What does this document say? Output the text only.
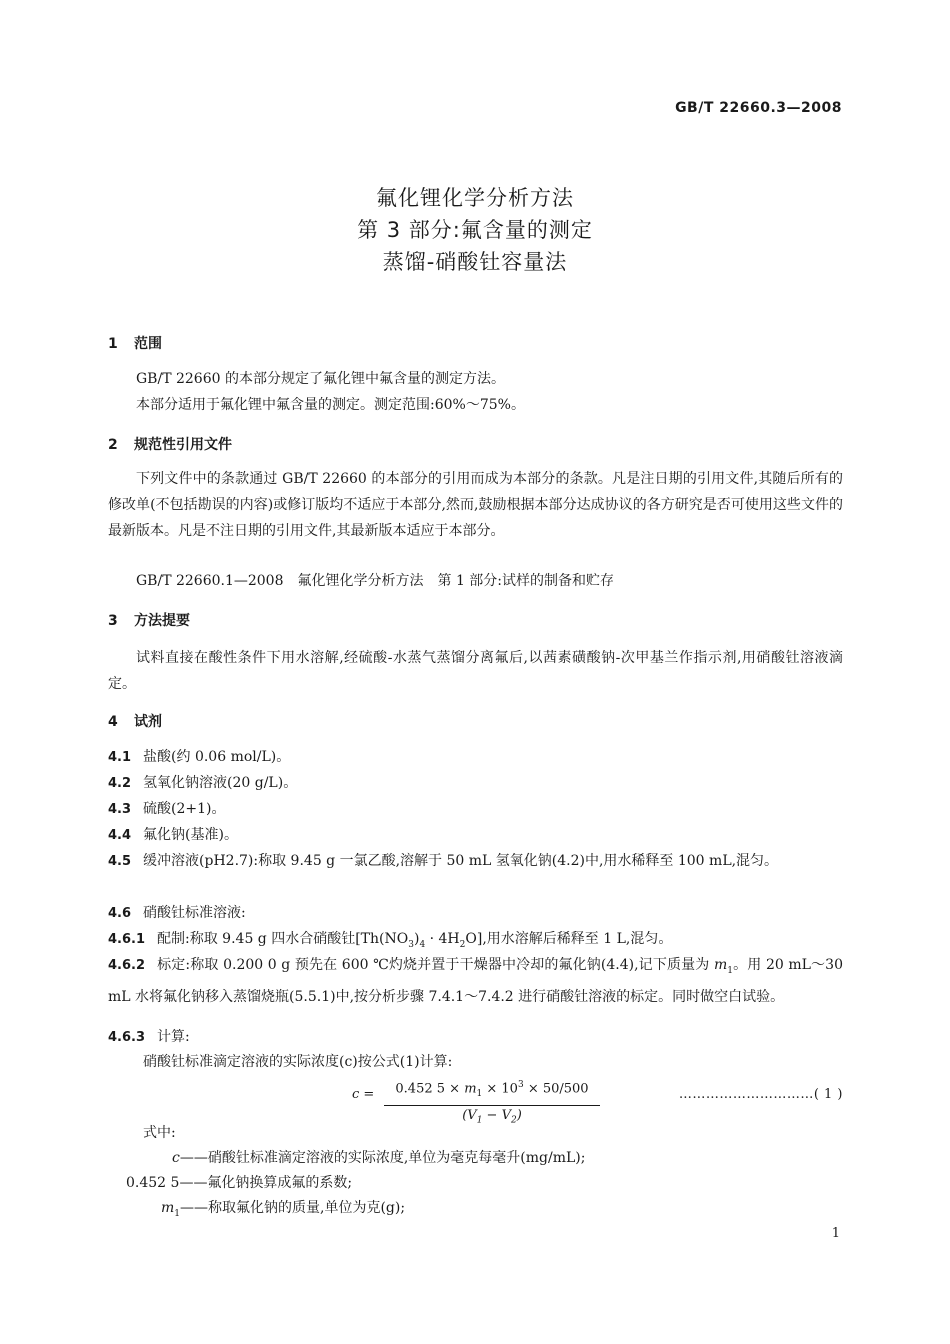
GB/T 22660.3—2008
氟化锂化学分析方法
第 3 部分:氟含量的测定
蒸馏-硝酸钍容量法
1 范围
GB/T 22660 的本部分规定了氟化锂中氟含量的测定方法。
本部分适用于氟化锂中氟含量的测定。测定范围:60%～75%。
2 规范性引用文件
下列文件中的条款通过 GB/T 22660 的本部分的引用而成为本部分的条款。凡是注日期的引用文件,其随后所有的修改单(不包括勘误的内容)或修订版均不适应于本部分,然而,鼓励根据本部分达成协议的各方研究是否可使用这些文件的最新版本。凡是不注日期的引用文件,其最新版本适应于本部分。
GB/T 22660.1—2008　氟化锂化学分析方法　第 1 部分:试样的制备和贮存
3 方法提要
试料直接在酸性条件下用水溶解,经硫酸-水蒸气蒸馏分离氟后,以茜素磺酸钠-次甲基兰作指示剂,用硝酸钍溶液滴定。
4 试剂
4.1 盐酸(约 0.06 mol/L)。
4.2 氢氧化钠溶液(20 g/L)。
4.3 硫酸(2+1)。
4.4 氟化钠(基准)。
4.5 缓冲溶液(pH2.7):称取 9.45 g 一氯乙酸,溶解于 50 mL 氢氧化钠(4.2)中,用水稀释至 100 mL,混匀。
4.6 硝酸钍标准溶液:
4.6.1 配制:称取 9.45 g 四水合硝酸钍$[Th(NO_3)_4 \cdot 4H_2O]$,用水溶解后稀释至 1 L,混匀。
4.6.2 标定:称取 0.200 0 g 预先在 600 ℃灼烧并置于干燥器中冷却的氟化钠(4.4),记下质量为 $m_1$。用 20 mL～30 mL 水将氟化钠移入蒸馏烧瓶(5.5.1)中,按分析步骤 7.4.1～7.4.2 进行硝酸钍溶液的标定。同时做空白试验。
4.6.3 计算:
硝酸钍标准滴定溶液的实际浓度(c)按公式(1)计算:
$c = \frac{0.452 5 \times m_1 \times 10^3 \times 50/500}{(V_1 - V_2)}$	…………………………( 1 )
式中:
c——硝酸钍标准滴定溶液的实际浓度,单位为毫克每毫升(mg/mL);
0.452 5——氟化钠换算成氟的系数;
$m_1——$称取氟化钠的质量,单位为克(g);
1
